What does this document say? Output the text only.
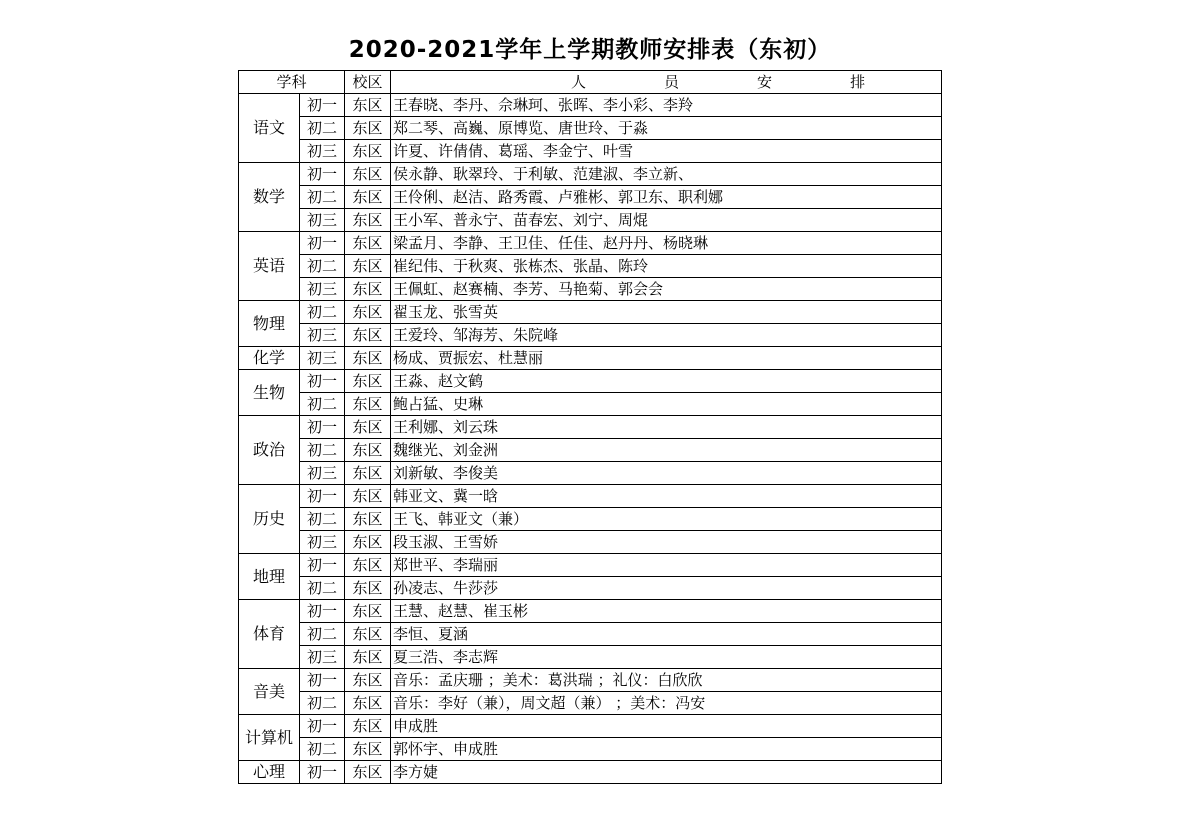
2020-2021学年上学期教师安排表（东初）
学科		校区	人 员 安 排
语文	初一	东区	王春晓、李丹、佘琳珂、张晖、李小彩、李羚
	初二	东区	郑二琴、高巍、原博览、唐世玲、于淼
	初三	东区	许夏、许倩倩、葛瑶、李金宁、叶雪
数学	初一	东区	侯永静、耿翠玲、于利敏、范建淑、李立新、
	初二	东区	王伶俐、赵洁、路秀霞、卢雅彬、郭卫东、职利娜
	初三	东区	王小军、普永宁、苗春宏、刘宁、周焜
英语	初一	东区	梁孟月、李静、王卫佳、任佳、赵丹丹、杨晓琳
	初二	东区	崔纪伟、于秋爽、张栋杰、张晶、陈玲
	初三	东区	王佩虹、赵赛楠、李芳、马艳菊、郭会会
物理	初二	东区	翟玉龙、张雪英
	初三	东区	王爱玲、邹海芳、朱院峰
化学	初三	东区	杨成、贾振宏、杜慧丽
生物	初一	东区	王淼、赵文鹤
	初二	东区	鲍占猛、史琳
政治	初一	东区	王利娜、刘云珠
	初二	东区	魏继光、刘金洲
	初三	东区	刘新敏、李俊美
历史	初一	东区	韩亚文、冀一晗
	初二	东区	王飞、韩亚文（兼）
	初三	东区	段玉淑、王雪娇
地理	初一	东区	郑世平、李瑞丽
	初二	东区	孙凌志、牛莎莎
体育	初一	东区	王慧、赵慧、崔玉彬
	初二	东区	李恒、夏涵
	初三	东区	夏三浩、李志辉
音美	初一	东区	音乐：孟庆珊 ；美术：葛洪瑞 ；礼仪：白欣欣
	初二	东区	音乐：李好（兼），周文超（兼） ；美术：冯安
计算机	初一	东区	申成胜
	初二	东区	郭怀宇、申成胜
心理	初一	东区	李方婕
